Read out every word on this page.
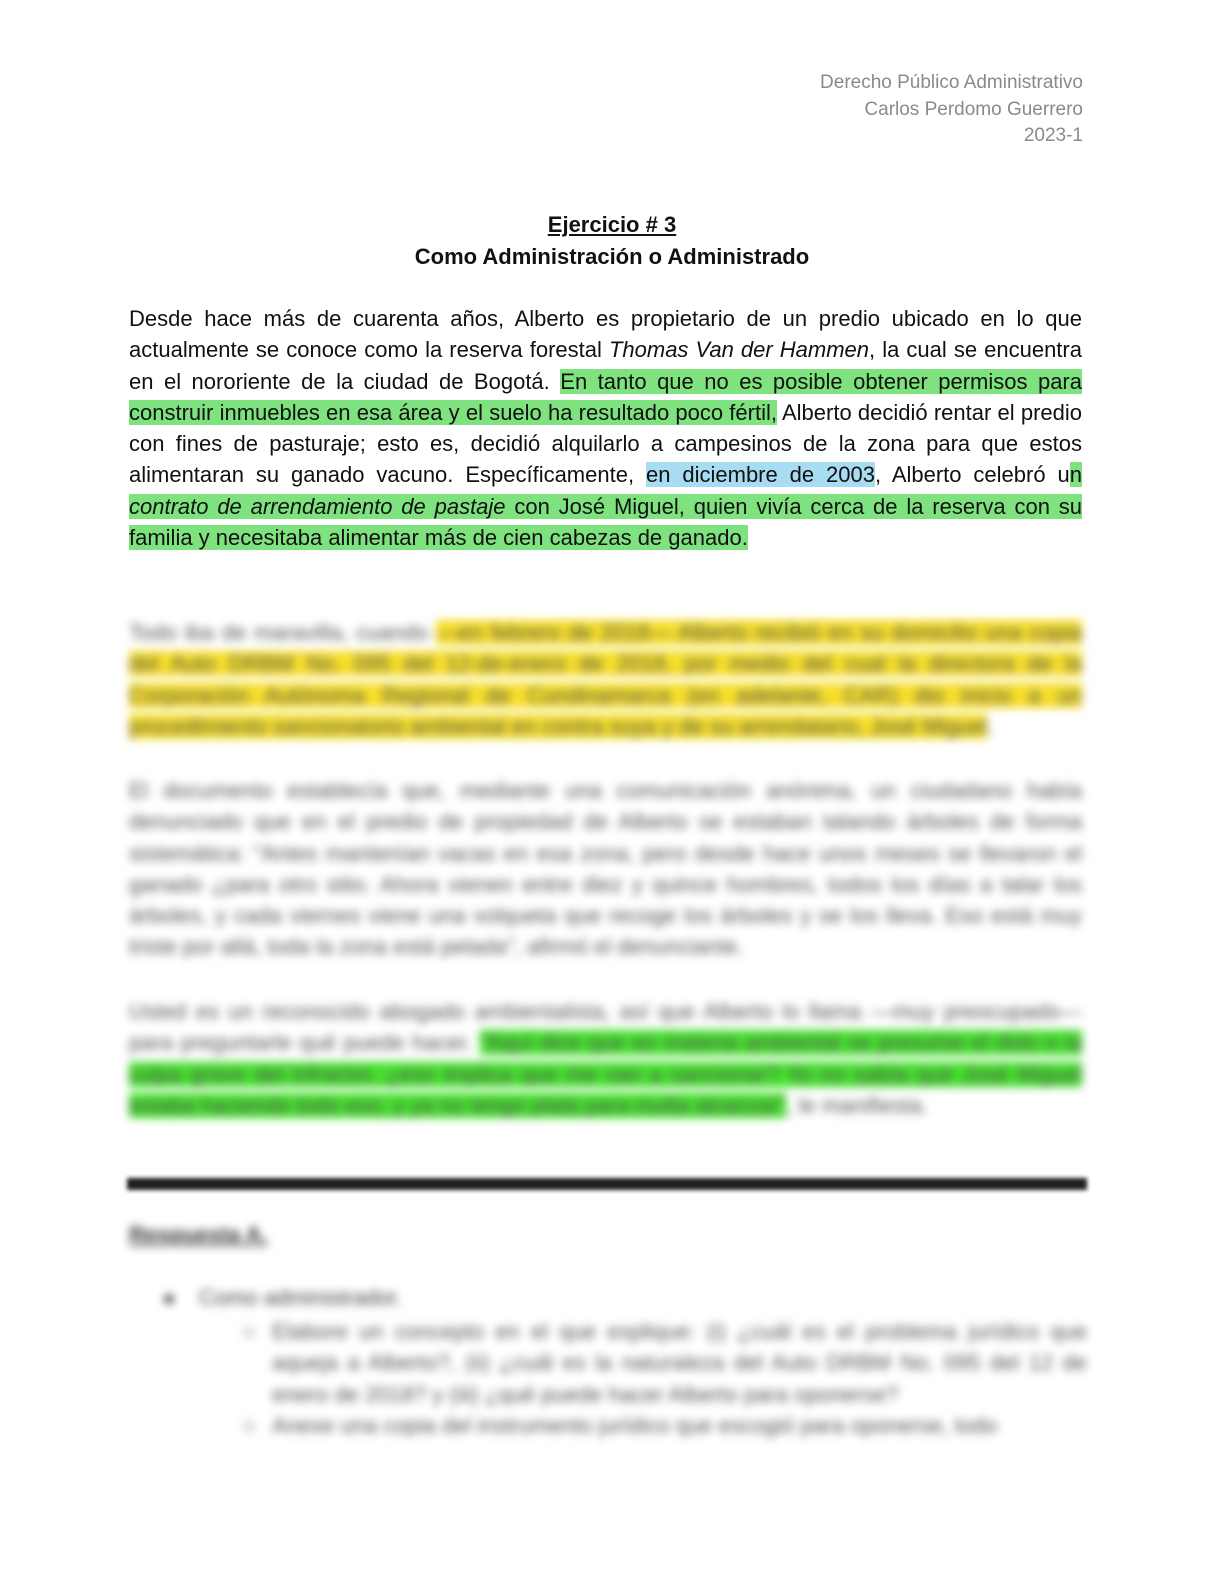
Derecho Público Administrativo
Carlos Perdomo Guerrero
2023-1
Ejercicio # 3
Como Administración o Administrado
Desde hace más de cuarenta años, Alberto es propietario de un predio ubicado en lo que actualmente se conoce como la reserva forestal Thomas Van der Hammen, la cual se encuentra en el nororiente de la ciudad de Bogotá. En tanto que no es posible obtener permisos para construir inmuebles en esa área y el suelo ha resultado poco fértil, Alberto decidió rentar el predio con fines de pasturaje; esto es, decidió alquilarlo a campesinos de la zona para que estos alimentaran su ganado vacuno. Específicamente, en diciembre de 2003, Alberto celebró un contrato de arrendamiento de pastaje con José Miguel, quien vivía cerca de la reserva con su familia y necesitaba alimentar más de cien cabezas de ganado.
Todo iba de maravilla, cuando —en febrero de 2018— Alberto recibió en su domicilio una copia del Auto DRBM No. 095 del 12-de-enero de 2018, por medio del cual la directora de la Corporación Autónoma Regional de Cundinamarca (en adelante, CAR) dio inicio a un procedimiento sancionatorio ambiental en contra suya y de su arrendatario, José Miguel.
El documento establecía que, mediante una comunicación anónima, un ciudadano había denunciado que en el predio de propiedad de Alberto se estaban talando árboles de forma sistemática: "Antes mantenían vacas en esa zona, pero desde hace unos meses se llevaron el ganado ¿para otro sitio. Ahora vienen entre diez y quince hombres, todos los días a talar los árboles, y cada viernes viene una volqueta que recoge los árboles y se los lleva. Eso está muy triste por allá, toda la zona está pelada", afirmó el denunciante.
Usted es un reconocido abogado ambientalista, así que Alberto lo llama —muy preocupado— para preguntarle qué puede hacer. "Aquí dice que en materia ambiental se presume el dolo o la culpa grave del infractor, ¿eso implica que me van a sancionar? Yo no sabía que José Miguel estaba haciendo todo eso, y ya no tengo plata para multa alcanzar", le manifiesta.
Respuesta A.
Como administrador.
○ Elabore un concepto en el que explique: (i) ¿cuál es el problema jurídico que aqueja a Alberto?, (ii) ¿cuál es la naturaleza del Auto DRBM No. 095 del 12 de enero de 2018? y (iii) ¿qué puede hacer Alberto para oponerse?
○ Anexe una copia del instrumento jurídico que escogió para oponerse, todo
